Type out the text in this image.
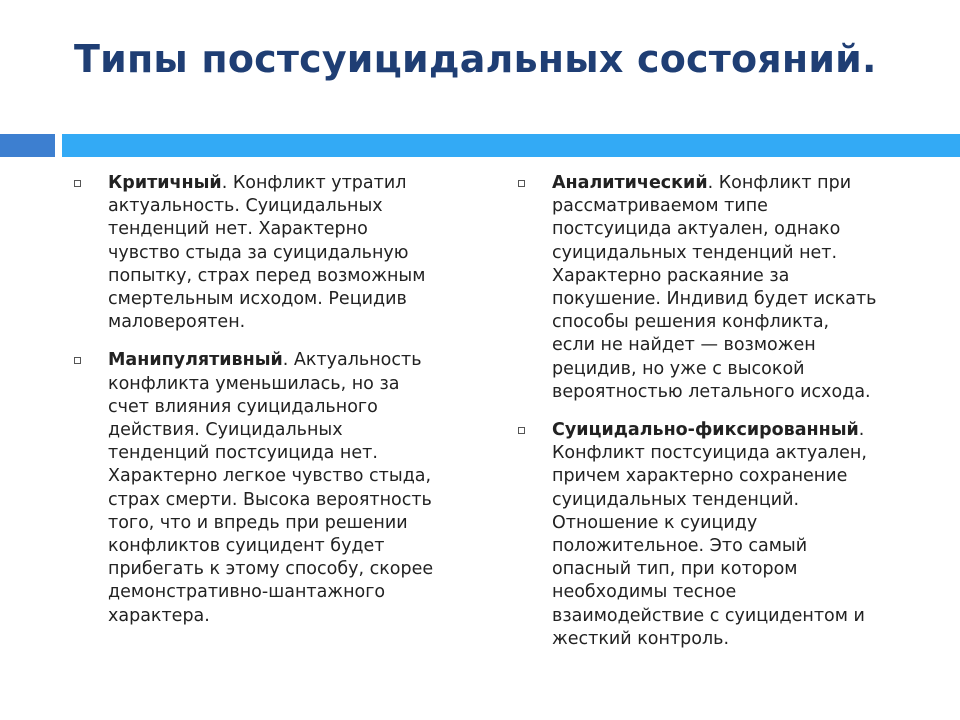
Типы постсуицидальных состояний.

Критичный. Конфликт утратил
актуальность. Суицидальных
тенденций нет. Характерно
чувство стыда за суицидальную
попытку, страх перед возможным
смертельным исходом. Рецидив
маловероятен.

Манипулятивный. Актуальность
конфликта уменьшилась, но за
счет влияния суицидального
действия. Суицидальных
тенденций постсуицида нет.
Характерно легкое чувство стыда,
страх смерти. Высока вероятность
того, что и впредь при решении
конфликтов суицидент будет
прибегать к этому способу, скорее
демонстративно-шантажного
характера.

Аналитический. Конфликт при
рассматриваемом типе
постсуицида актуален, однако
суицидальных тенденций нет.
Характерно раскаяние за
покушение. Индивид будет искать
способы решения конфликта,
если не найдет — возможен
рецидив, но уже с высокой
вероятностью летального исхода.

Суицидально-фиксированный.
Конфликт постсуицида актуален,
причем характерно сохранение
суицидальных тенденций.
Отношение к суициду
положительное. Это самый
опасный тип, при котором
необходимы тесное
взаимодействие с суицидентом и
жесткий контроль.
